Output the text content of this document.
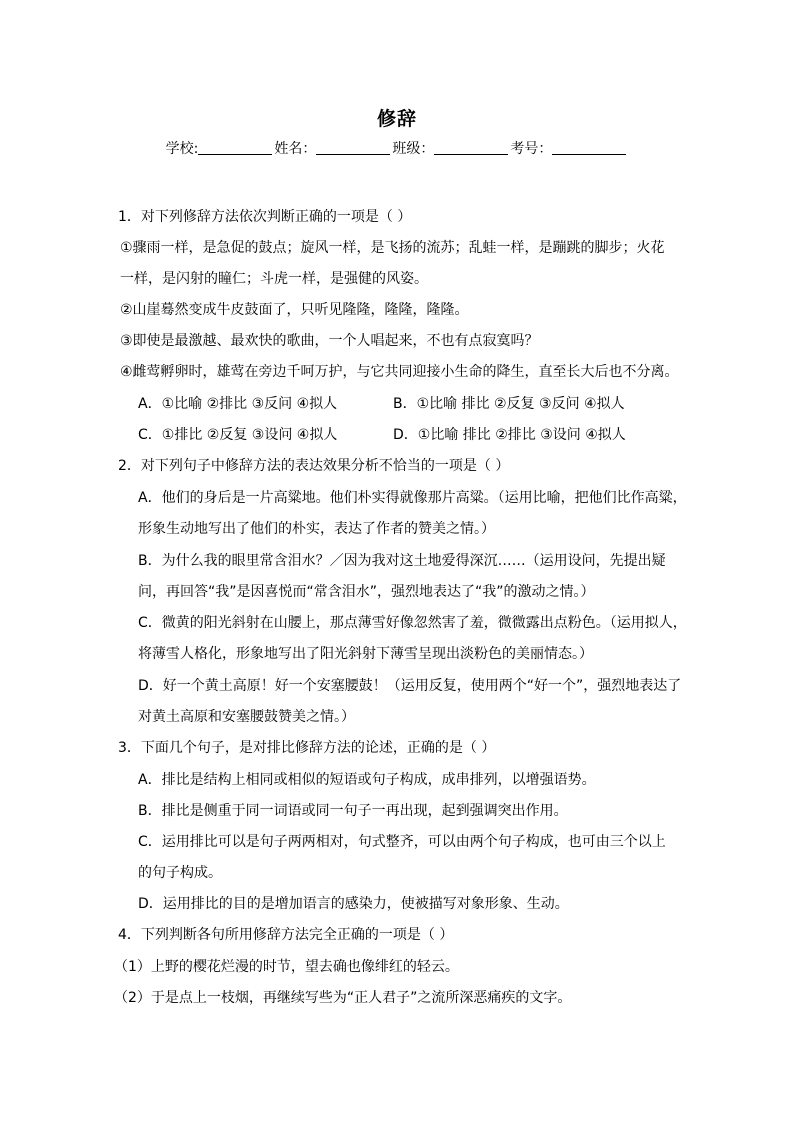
修辞
学校:	姓名：	班级：	考号：
1．对下列修辞方法依次判断正确的一项是（ ）
①骤雨一样，是急促的鼓点；旋风一样，是飞扬的流苏；乱蛙一样，是蹦跳的脚步；火花
一样，是闪射的瞳仁；斗虎一样，是强健的风姿。
②山崖蓦然变成牛皮鼓面了，只听见隆隆，隆隆，隆隆。
③即使是最激越、最欢快的歌曲，一个人唱起来，不也有点寂寞吗？
④雌莺孵卵时，雄莺在旁边千呵万护，与它共同迎接小生命的降生，直至长大后也不分离。
A．①比喻 ②排比 ③反问 ④拟人	B．①比喻 排比 ②反复 ③反问 ④拟人
C．①排比 ②反复 ③设问 ④拟人	D．①比喻 排比 ②排比 ③设问 ④拟人
2．对下列句子中修辞方法的表达效果分析不恰当的一项是（ ）
A．他们的身后是一片高粱地。他们朴实得就像那片高粱。（运用比喻，把他们比作高粱，
形象生动地写出了他们的朴实，表达了作者的赞美之情。）
B．为什么我的眼里常含泪水？／因为我对这土地爱得深沉……（运用设问，先提出疑
问，再回答“我”是因喜悦而“常含泪水”，强烈地表达了“我”的激动之情。）
C．微黄的阳光斜射在山腰上，那点薄雪好像忽然害了羞，微微露出点粉色。（运用拟人，
将薄雪人格化，形象地写出了阳光斜射下薄雪呈现出淡粉色的美丽情态。）
D．好一个黄土高原！好一个安塞腰鼓！（运用反复，使用两个“好一个”，强烈地表达了
对黄土高原和安塞腰鼓赞美之情。）
3．下面几个句子，是对排比修辞方法的论述，正确的是（ ）
A．排比是结构上相同或相似的短语或句子构成，成串排列，以增强语势。
B．排比是侧重于同一词语或同一句子一再出现，起到强调突出作用。
C．运用排比可以是句子两两相对，句式整齐，可以由两个句子构成，也可由三个以上
的句子构成。
D．运用排比的目的是增加语言的感染力，使被描写对象形象、生动。
4．下列判断各句所用修辞方法完全正确的一项是（ ）
（1）上野的樱花烂漫的时节，望去确也像绯红的轻云。
（2）于是点上一枝烟，再继续写些为“正人君子”之流所深恶痛疾的文字。
